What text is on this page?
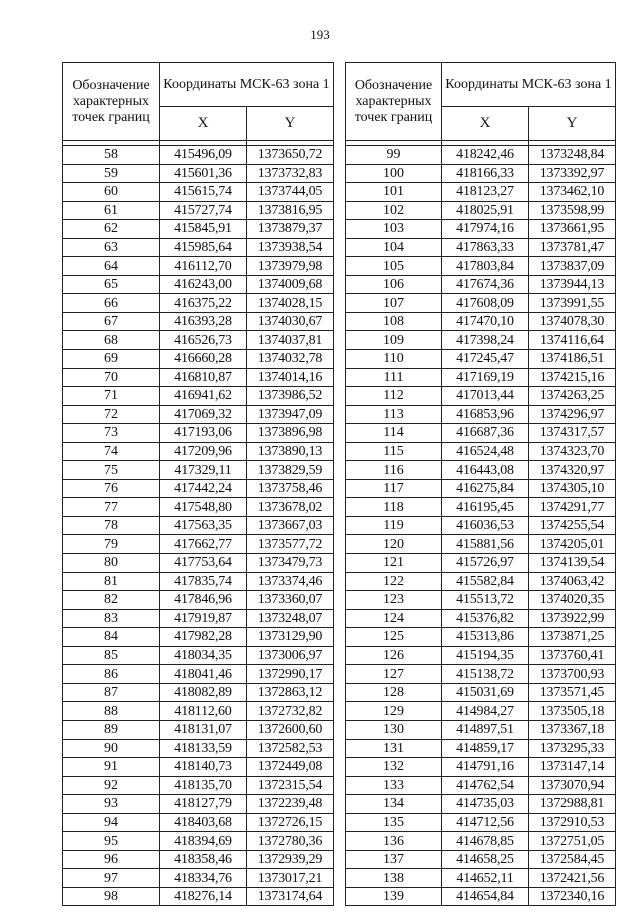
193
Обозначение характерных точек границ	Координаты МСК-63 зона 1	
	X	Y

58	415496,09	1373650,72
59	415601,36	1373732,83
60	415615,74	1373744,05
61	415727,74	1373816,95
62	415845,91	1373879,37
63	415985,64	1373938,54
64	416112,70	1373979,98
65	416243,00	1374009,68
66	416375,22	1374028,15
67	416393,28	1374030,67
68	416526,73	1374037,81
69	416660,28	1374032,78
70	416810,87	1374014,16
71	416941,62	1373986,52
72	417069,32	1373947,09
73	417193,06	1373896,98
74	417209,96	1373890,13
75	417329,11	1373829,59
76	417442,24	1373758,46
77	417548,80	1373678,02
78	417563,35	1373667,03
79	417662,77	1373577,72
80	417753,64	1373479,73
81	417835,74	1373374,46
82	417846,96	1373360,07
83	417919,87	1373248,07
84	417982,28	1373129,90
85	418034,35	1373006,97
86	418041,46	1372990,17
87	418082,89	1372863,12
88	418112,60	1372732,82
89	418131,07	1372600,60
90	418133,59	1372582,53
91	418140,73	1372449,08
92	418135,70	1372315,54
93	418127,79	1372239,48
94	418403,68	1372726,15
95	418394,69	1372780,36
96	418358,46	1372939,29
97	418334,76	1373017,21
98	418276,14	1373174,64
Обозначение характерных точек границ	Координаты МСК-63 зона 1	
	X	Y

99	418242,46	1373248,84
100	418166,33	1373392,97
101	418123,27	1373462,10
102	418025,91	1373598,99
103	417974,16	1373661,95
104	417863,33	1373781,47
105	417803,84	1373837,09
106	417674,36	1373944,13
107	417608,09	1373991,55
108	417470,10	1374078,30
109	417398,24	1374116,64
110	417245,47	1374186,51
111	417169,19	1374215,16
112	417013,44	1374263,25
113	416853,96	1374296,97
114	416687,36	1374317,57
115	416524,48	1374323,70
116	416443,08	1374320,97
117	416275,84	1374305,10
118	416195,45	1374291,77
119	416036,53	1374255,54
120	415881,56	1374205,01
121	415726,97	1374139,54
122	415582,84	1374063,42
123	415513,72	1374020,35
124	415376,82	1373922,99
125	415313,86	1373871,25
126	415194,35	1373760,41
127	415138,72	1373700,93
128	415031,69	1373571,45
129	414984,27	1373505,18
130	414897,51	1373367,18
131	414859,17	1373295,33
132	414791,16	1373147,14
133	414762,54	1373070,94
134	414735,03	1372988,81
135	414712,56	1372910,53
136	414678,85	1372751,05
137	414658,25	1372584,45
138	414652,11	1372421,56
139	414654,84	1372340,16
